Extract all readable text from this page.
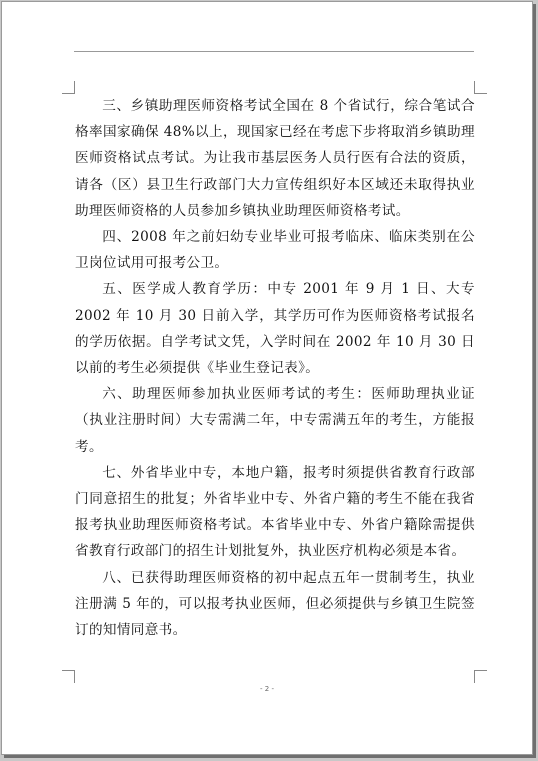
三、乡镇助理医师资格考试全国在 8 个省试行，综合笔试合格率国家确保 48%以上，现国家已经在考虑下步将取消乡镇助理医师资格试点考试。为让我市基层医务人员行医有合法的资质，请各（区）县卫生行政部门大力宣传组织好本区域还未取得执业助理医师资格的人员参加乡镇执业助理医师资格考试。

四、2008 年之前妇幼专业毕业可报考临床、临床类别在公卫岗位试用可报考公卫。

五、医学成人教育学历：中专 2001 年 9 月 1 日、大专 2002 年 10 月 30 日前入学，其学历可作为医师资格考试报名的学历依据。自学考试文凭，入学时间在 2002 年 10 月 30 日以前的考生必须提供《毕业生登记表》。

六、助理医师参加执业医师考试的考生：医师助理执业证（执业注册时间）大专需满二年，中专需满五年的考生，方能报考。

七、外省毕业中专，本地户籍，报考时须提供省教育行政部门同意招生的批复；外省毕业中专、外省户籍的考生不能在我省报考执业助理医师资格考试。本省毕业中专、外省户籍除需提供省教育行政部门的招生计划批复外，执业医疗机构必须是本省。

八、已获得助理医师资格的初中起点五年一贯制考生，执业注册满 5 年的，可以报考执业医师，但必须提供与乡镇卫生院签订的知情同意书。

- 2 -
